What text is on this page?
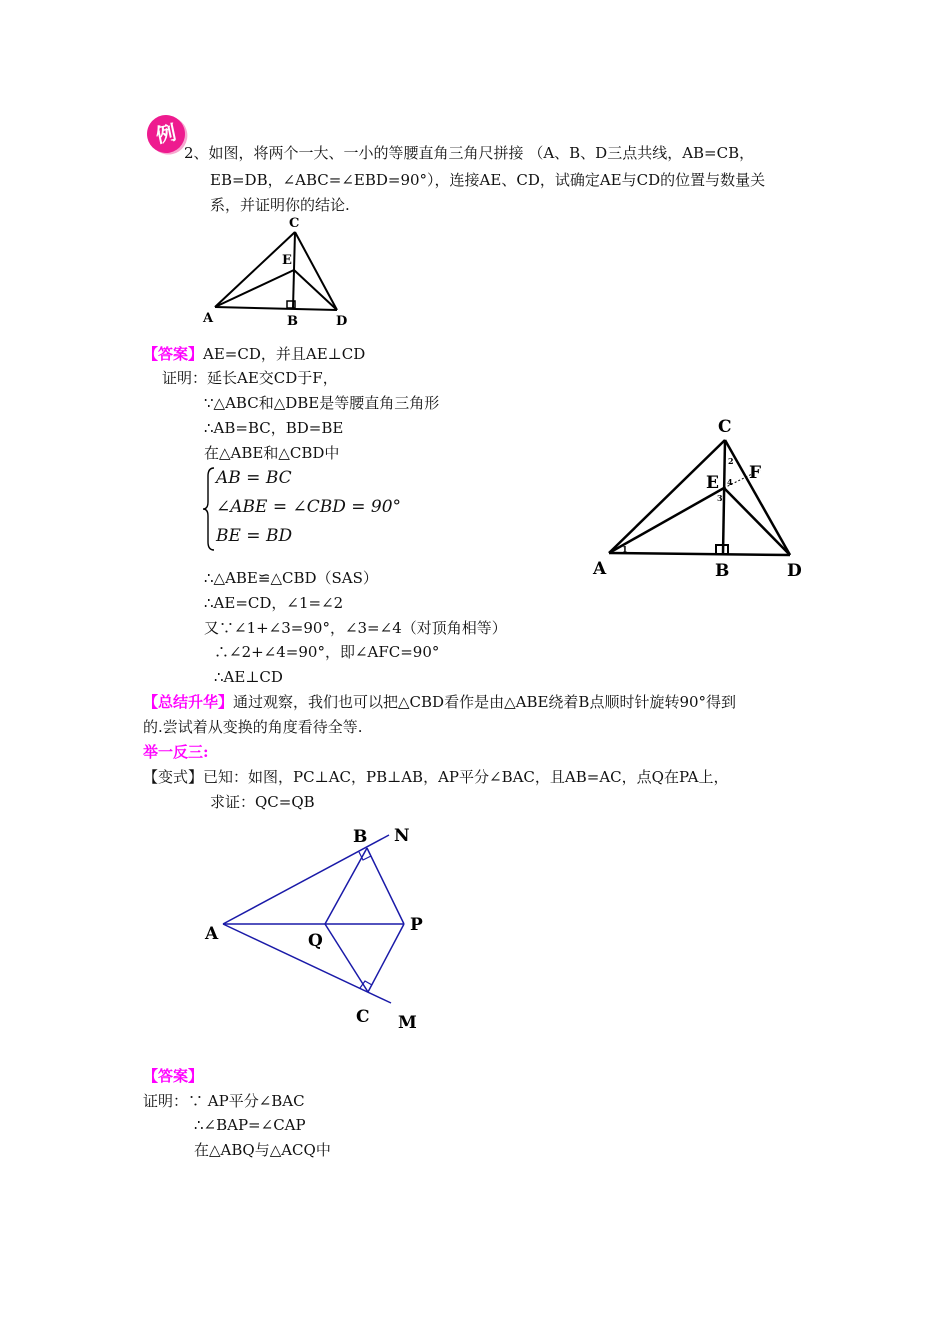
例
2、如图，将两个一大、一小的等腰直角三角尺拼接 （A、B、D三点共线，AB=CB，
EB=DB，∠ABC=∠EBD=90°），连接AE、CD，试确定AE与CD的位置与数量关
系，并证明你的结论.
C
E
A	B	D
【答案】AE=CD，并且AE⊥CD
证明：延长AE交CD于F，
∵△ABC和△DBE是等腰直角三角形
∴AB=BC，BD=BE
在△ABE和△CBD中
AB = BC
∠ABE = ∠CBD = 90°
BE = BD
∴△ABE≌△CBD（SAS）
∴AE=CD，∠1=∠2
又∵∠1+∠3=90°，∠3=∠4（对顶角相等）
∴∠2+∠4=90°，即∠AFC=90°
∴AE⊥CD
C
E F
A	B	D
1
2
3
4
【总结升华】通过观察，我们也可以把△CBD看作是由△ABE绕着B点顺时针旋转90°得到
的.尝试着从变换的角度看待全等.
举一反三:
【变式】已知：如图，PC⊥AC，PB⊥AB，AP平分∠BAC，且AB=AC，点Q在PA上，
求证：QC=QB
B N
A	Q
P
C M
【答案】
证明：∵ AP平分∠BAC
∴∠BAP=∠CAP
在△ABQ与△ACQ中
